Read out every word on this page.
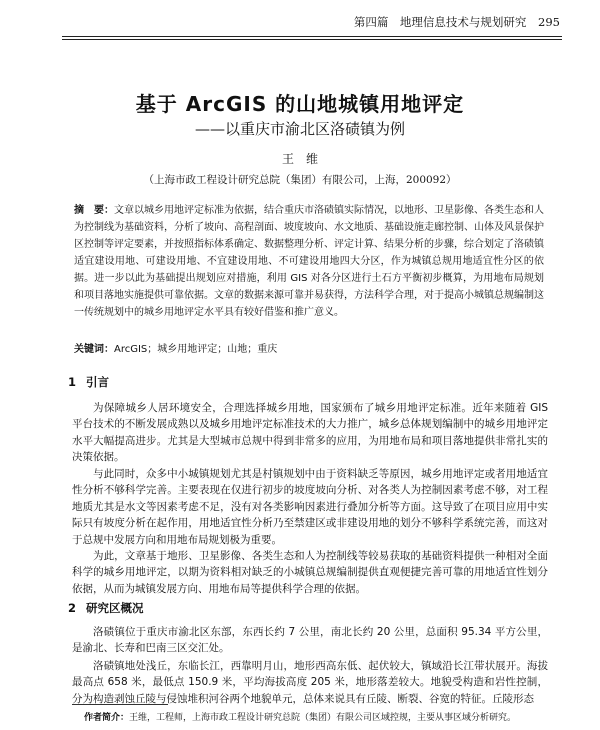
第四篇　地理信息技术与规划研究 295
基于 ArcGIS 的山地城镇用地评定
——以重庆市渝北区洛碛镇为例
王　维
（上海市政工程设计研究总院（集团）有限公司，上海，200092）
摘　要：文章以城乡用地评定标准为依据，结合重庆市洛碛镇实际情况，以地形、卫星影像、各类生态和人为控制线为基础资料，分析了坡向、高程剖面、坡度坡向、水文地质、基础设施走廊控制、山体及风景保护区控制等评定要素，并按照指标体系确定、数据整理分析、评定计算、结果分析的步骤，综合划定了洛碛镇适宜建设用地、可建设用地、不宜建设用地、不可建设用地四大分区，作为城镇总规用地适宜性分区的依据。进一步以此为基础提出规划应对措施，利用 GIS 对各分区进行土石方平衡初步概算，为用地布局规划和项目落地实施提供可靠依据。文章的数据来源可靠并易获得，方法科学合理，对于提高小城镇总规编制这一传统规划中的城乡用地评定水平具有较好借鉴和推广意义。
关键词：ArcGIS；城乡用地评定；山地；重庆
1 引言
为保障城乡人居环境安全，合理选择城乡用地，国家颁布了城乡用地评定标准。近年来随着 GIS 平台技术的不断发展成熟以及城乡用地评定标准技术的大力推广，城乡总体规划编制中的城乡用地评定水平大幅提高进步。尤其是大型城市总规中得到非常多的应用，为用地布局和项目落地提供非常扎实的决策依据。
与此同时，众多中小城镇规划尤其是村镇规划中由于资料缺乏等原因，城乡用地评定或者用地适宜性分析不够科学完善。主要表现在仅进行初步的坡度坡向分析、对各类人为控制因素考虑不够，对工程地质尤其是水文等因素考虑不足，没有对各类影响因素进行叠加分析等方面。这导致了在项目应用中实际只有坡度分析在起作用，用地适宜性分析乃至禁建区或非建设用地的划分不够科学系统完善，而这对于总规中发展方向和用地布局规划极为重要。
为此，文章基于地形、卫星影像、各类生态和人为控制线等较易获取的基础资料提供一种相对全面科学的城乡用地评定，以期为资料相对缺乏的小城镇总规编制提供直观便捷完善可靠的用地适宜性划分依据，从而为城镇发展方向、用地布局等提供科学合理的依据。
2 研究区概况
洛碛镇位于重庆市渝北区东部，东西长约 7 公里，南北长约 20 公里，总面积 95.34 平方公里，是渝北、长寿和巴南三区交汇处。
洛碛镇地处浅丘，东临长江，西靠明月山，地形西高东低、起伏较大，镇域沿长江带状展开。海拔最高点 658 米，最低点 150.9 米，平均海拔高度 205 米，地形落差较大。地貌受构造和岩性控制，分为构造剥蚀丘陵与侵蚀堆积河谷两个地貌单元，总体来说具有丘陵、断裂、谷宽的特征。丘陵形态
作者简介：王维，工程师，上海市政工程设计研究总院（集团）有限公司区域控规，主要从事区域分析研究。
